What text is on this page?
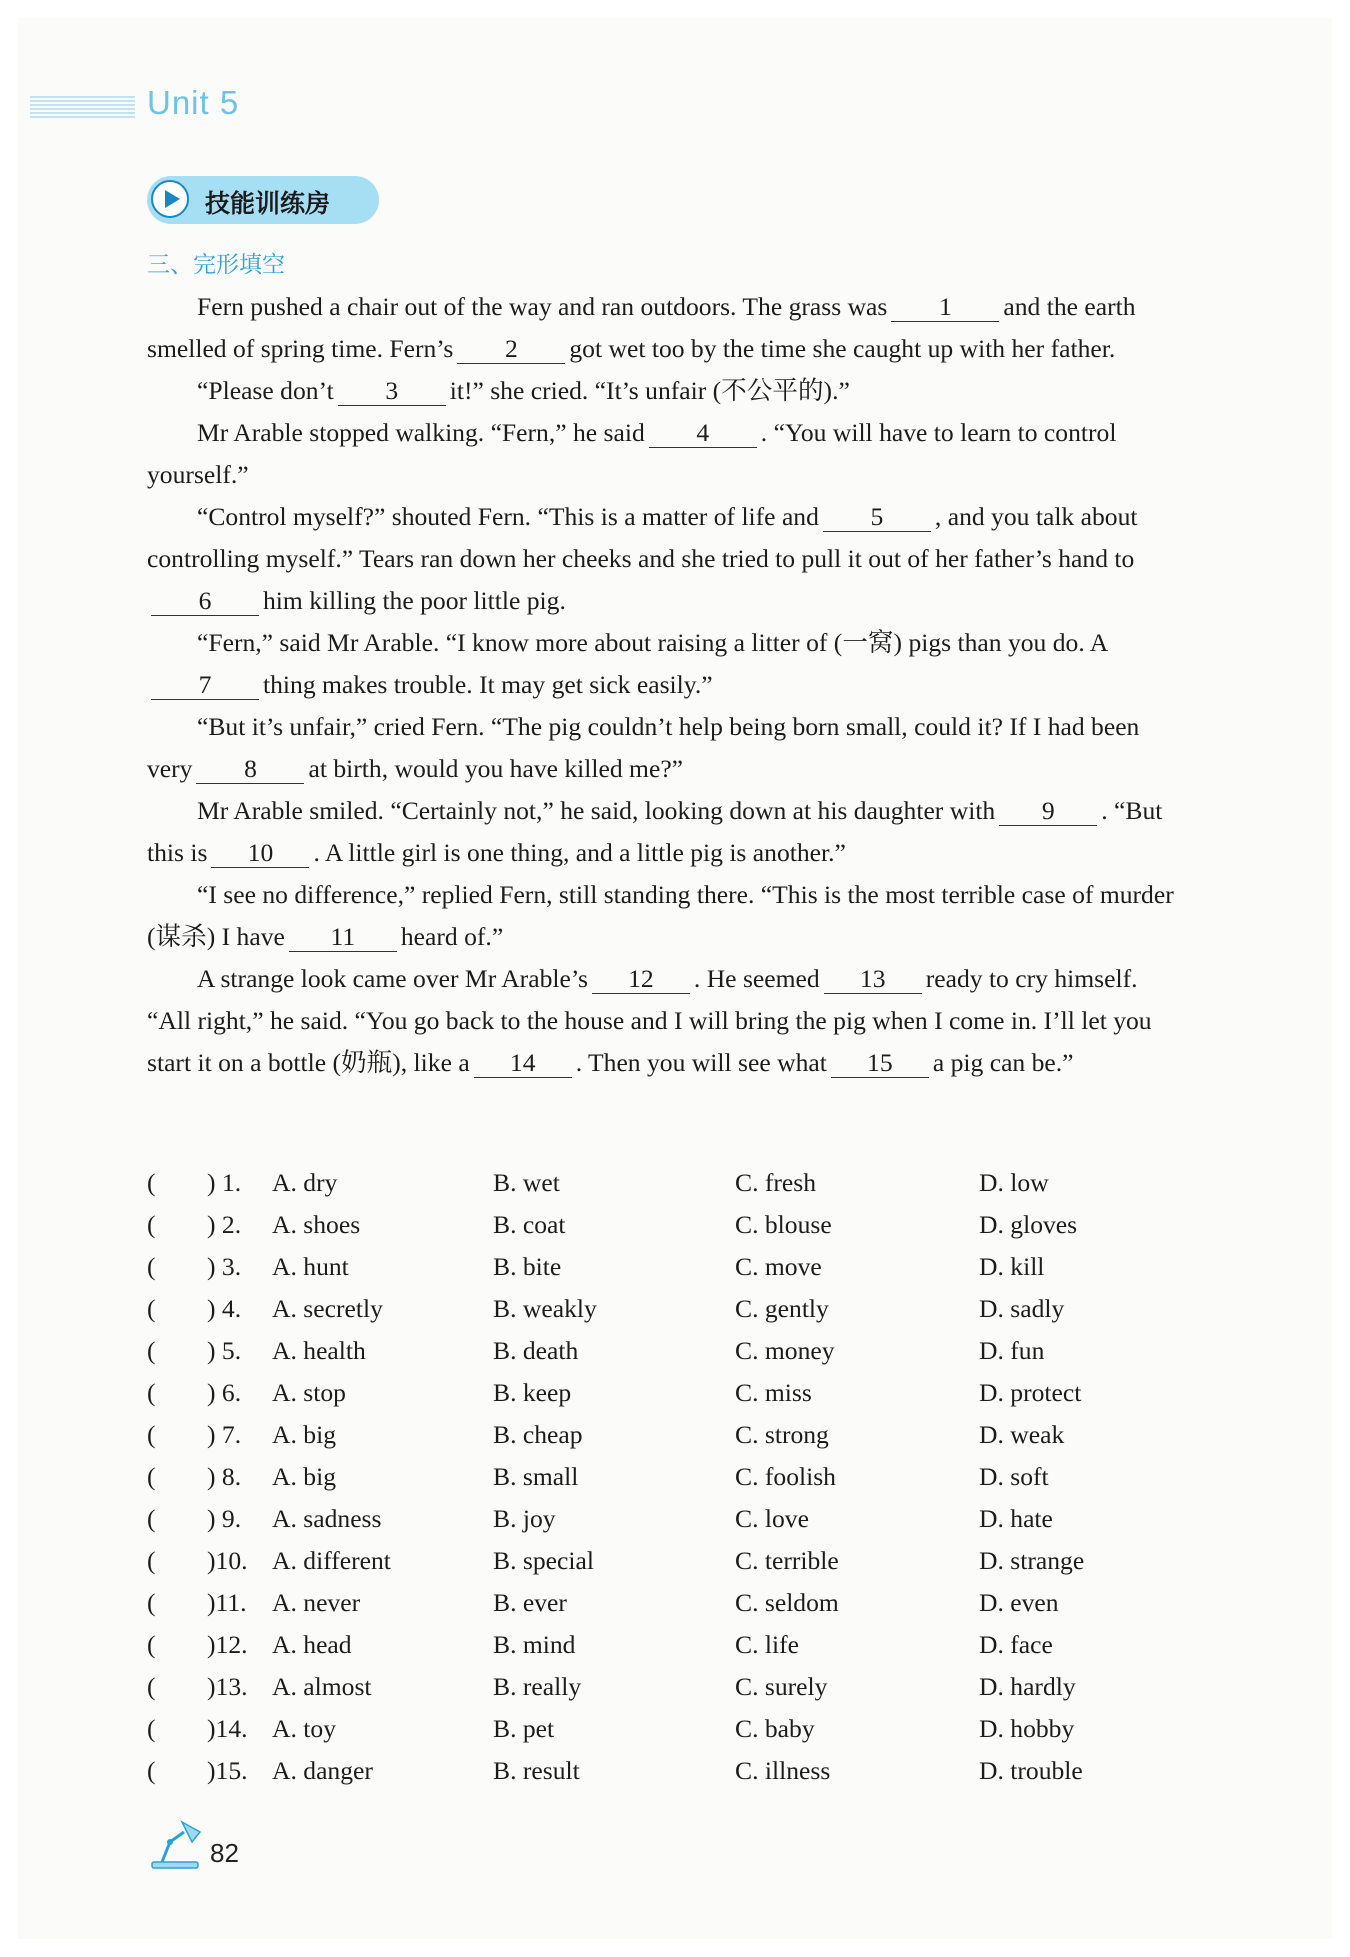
Unit 5
技能训练房
三、完形填空

Fern pushed a chair out of the way and ran outdoors. The grass was 1 and the earth smelled of spring time. Fern’s 2 got wet too by the time she caught up with her father.

“Please don’t 3 it!” she cried. “It’s unfair (不公平的).”

Mr Arable stopped walking. “Fern,” he said 4 . “You will have to learn to control yourself.”

“Control myself?” shouted Fern. “This is a matter of life and 5 , and you talk about controlling myself.” Tears ran down her cheeks and she tried to pull it out of her father’s hand to6 him killing the poor little pig.

“Fern,” said Mr Arable. “I know more about raising a litter of (一窝) pigs than you do. A7 thing makes trouble. It may get sick easily.”

“But it’s unfair,” cried Fern. “The pig couldn’t help being born small, could it? If I had been very 8 at birth, would you have killed me?”

Mr Arable smiled. “Certainly not,” he said, looking down at his daughter with 9 . “But this is 10 . A little girl is one thing, and a little pig is another.”

“I see no difference,” replied Fern, still standing there. “This is the most terrible case of murder (谋杀) I have 11 heard of.”

A strange look came over Mr Arable’s 12 . He seemed 13 ready to cry himself. “All right,” he said. “You go back to the house and I will bring the pig when I come in. I’ll let you start it on a bottle (奶瓶), like a 14 . Then you will see what 15 a pig can be.”

( ) 1. A. dry	B. wet	C. fresh	D. low
( ) 2. A. shoes	B. coat	C. blouse	D. gloves
( ) 3. A. hunt	B. bite	C. move	D. kill
( ) 4. A. secretly	B. weakly	C. gently	D. sadly
( ) 5. A. health	B. death	C. money	D. fun
( ) 6. A. stop	B. keep	C. miss	D. protect
( ) 7. A. big	B. cheap	C. strong	D. weak
( ) 8. A. big	B. small	C. foolish	D. soft
( ) 9. A. sadness	B. joy	C. love	D. hate
( )10. A. different	B. special	C. terrible	D. strange
( )11. A. never	B. ever	C. seldom	D. even
( )12. A. head	B. mind	C. life	D. face
( )13. A. almost	B. really	C. surely	D. hardly
( )14. A. toy	B. pet	C. baby	D. hobby
( )15. A. danger	B. result	C. illness	D. trouble
82
